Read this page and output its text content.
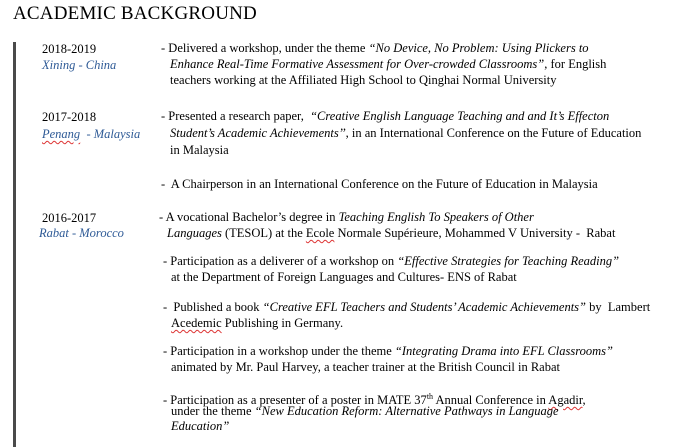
ACADEMIC BACKGROUND
2018-2019
Xining - China
- Delivered a workshop, under the theme “No Device, No Problem: Using Plickers to
Enhance Real-Time Formative Assessment for Over-crowded Classrooms”, for English
teachers working at the Affiliated High School to Qinghai Normal University
2017-2018
Penang  - Malaysia
- Presented a research paper,  “Creative English Language Teaching and and It’s Effecton
Student’s Academic Achievements’’, in an International Conference on the Future of Education
in Malaysia
-  A Chairperson in an International Conference on the Future of Education in Malaysia
2016-2017
Rabat - Morocco
- A vocational Bachelor’s degree in Teaching English To Speakers of Other
Languages (TESOL) at the Ecole Normale Supérieure, Mohammed V University -  Rabat
- Participation as a deliverer of a workshop on “Effective Strategies for Teaching Reading”
at the Department of Foreign Languages and Cultures- ENS of Rabat
-  Published a book “Creative EFL Teachers and Students’ Academic Achievements” by  Lambert
Acedemic Publishing in Germany.
- Participation in a workshop under the theme “Integrating Drama into EFL Classrooms”
animated by Mr. Paul Harvey, a teacher trainer at the British Council in Rabat
- Participation as a presenter of a poster in MATE 37th Annual Conference in Agadir,
under the theme “New Education Reform: Alternative Pathways in Language
Education”
